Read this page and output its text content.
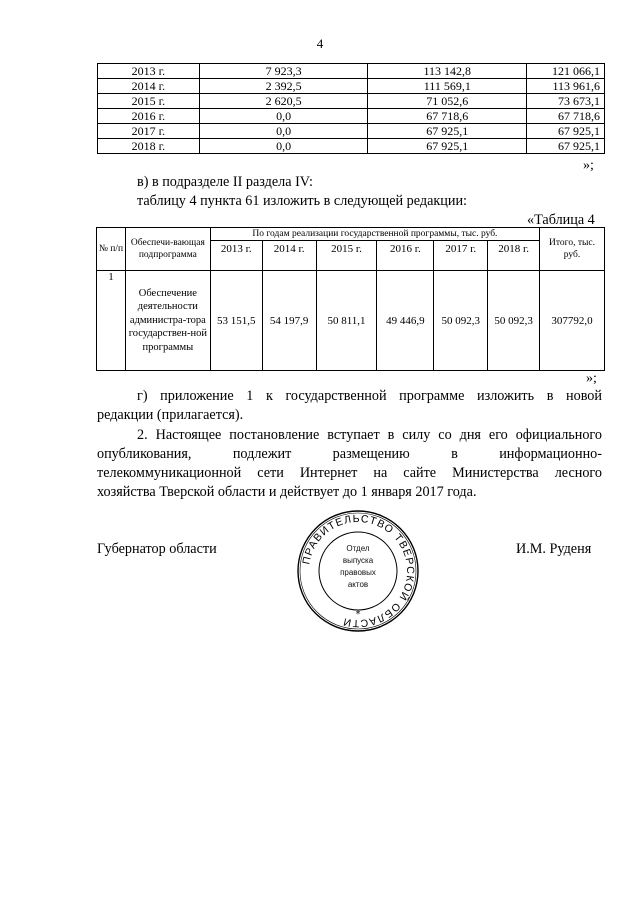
4
2013 г.	7 923,3	113 142,8	121 066,1
2014 г.	2 392,5	111 569,1	113 961,6
2015 г.	2 620,5	71 052,6	73 673,1
2016 г.	0,0	67 718,6	67 718,6
2017 г.	0,0	67 925,1	67 925,1
2018 г.	0,0	67 925,1	67 925,1
»;
в) в подразделе II раздела IV:
таблицу 4 пункта 61 изложить в следующей редакции:
«Таблица 4
№ п/п	Обеспечи-вающая подпрограмма	По годам реализации государственной программы, тыс. руб.						Итого, тыс. руб.
		2013 г.	2014 г.	2015 г.	2016 г.	2017 г.	2018 г.	
1	Обеспечение деятельности администра-тора государствен-ной программы	53 151,5	54 197,9	50 811,1	49 446,9	50 092,3	50 092,3	307792,0
»;
г) приложение 1 к государственной программе изложить в новой
редакции (прилагается).
2. Настоящее постановление вступает в силу со дня его официального
опубликования, подлежит размещению в информационно-
телекоммуникационной сети Интернет на сайте Министерства лесного
хозяйства Тверской области и действует до 1 января 2017 года.
Губернатор области	И.М. Руденя
ПРАВИТЕЛЬСТВО ТВЕРСКОЙ ОБЛАСТИ
*
Отдел
выпуска
правовых
актов
